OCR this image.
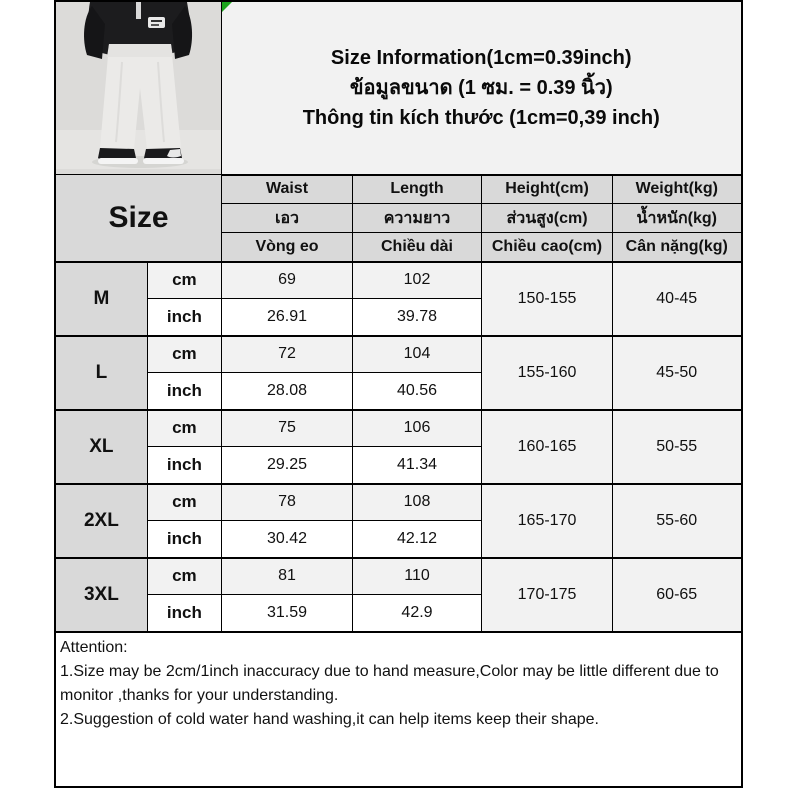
Size Information(1cm=0.39inch)
ข้อมูลขนาด (1 ซม. = 0.39 นิ้ว)
Thông tin kích thước (1cm=0,39 inch)			

Size		Waist	Length	Height(cm)	Weight(kg)
		เอว	ความยาว	ส่วนสูง(cm)	น้ำหนัก(kg)
		Vòng eo	Chiều dài	Chiều cao(cm)	Cân nặng(kg)
M	cm	69	102	150-155	40-45
	inch	26.91	39.78		
L	cm	72	104	155-160	45-50
	inch	28.08	40.56		
XL	cm	75	106	160-165	50-55
	inch	29.25	41.34		
2XL	cm	78	108	165-170	55-60
	inch	30.42	42.12		
3XL	cm	81	110	170-175	60-65
	inch	31.59	42.9		

Attention:
1.Size may be 2cm/1inch inaccuracy due to hand measure,Color may be little different due to monitor ,thanks for your understanding.
2.Suggestion of cold water hand washing,it can help items keep their shape.					
